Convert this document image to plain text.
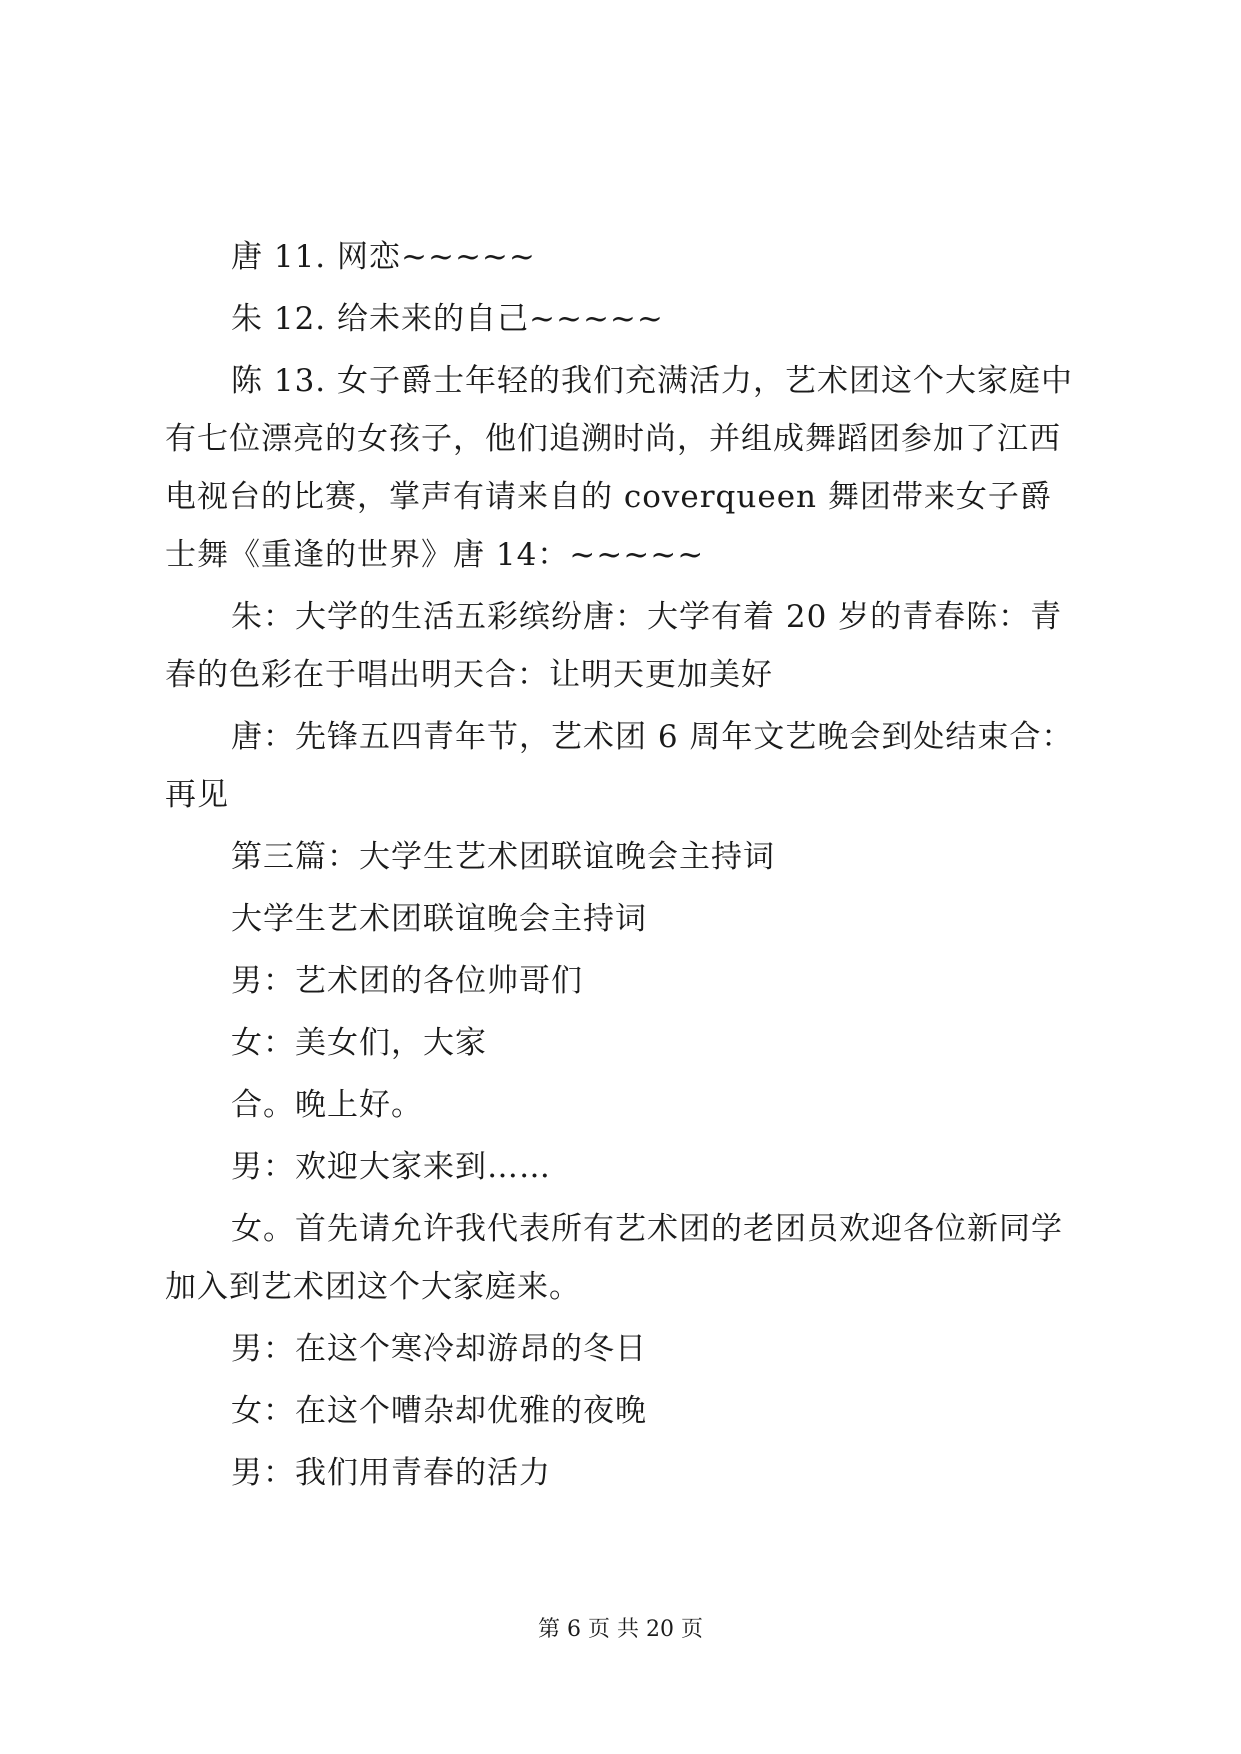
唐 11. 网恋~~~~~

朱 12. 给未来的自己~~~~~

陈 13. 女子爵士年轻的我们充满活力，艺术团这个大家庭中有七位漂亮的女孩子，他们追溯时尚，并组成舞蹈团参加了江西电视台的比赛，掌声有请来自的 coverqueen 舞团带来女子爵士舞《重逢的世界》唐 14：~~~~~

朱：大学的生活五彩缤纷唐：大学有着 20 岁的青春陈：青春的色彩在于唱出明天合：让明天更加美好

唐：先锋五四青年节，艺术团 6 周年文艺晚会到处结束合：再见

第三篇：大学生艺术团联谊晚会主持词

大学生艺术团联谊晚会主持词

男：艺术团的各位帅哥们

女：美女们，大家

合。晚上好。

男：欢迎大家来到……

女。首先请允许我代表所有艺术团的老团员欢迎各位新同学加入到艺术团这个大家庭来。

男：在这个寒冷却游昂的冬日

女：在这个嘈杂却优雅的夜晚

男：我们用青春的活力

第 6 页 共 20 页
